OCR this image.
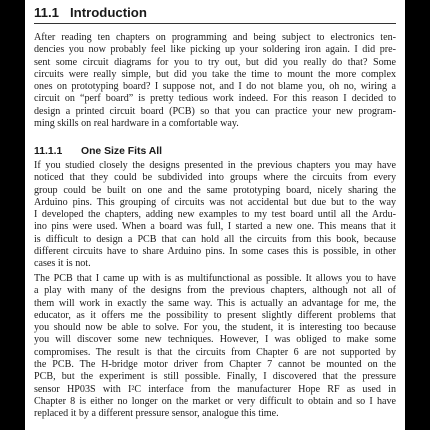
11.1 Introduction
After reading ten chapters on programming and being subject to electronics ten-
dencies you now probably feel like picking up your soldering iron again. I did pre-
sent some circuit diagrams for you to try out, but did you really do that? Some
circuits were really simple, but did you take the time to mount the more complex
ones on prototyping board? I suppose not, and I do not blame you, oh no, wiring a
circuit on “perf board” is pretty tedious work indeed. For this reason I decided to
design a printed circuit board (PCB) so that you can practice your new program-
ming skills on real hardware in a comfortable way.
11.1.1 One Size Fits All
If you studied closely the designs presented in the previous chapters you may have
noticed that they could be subdivided into groups where the circuits from every
group could be built on one and the same prototyping board, nicely sharing the
Arduino pins. This grouping of circuits was not accidental but due but to the way
I developed the chapters, adding new examples to my test board until all the Ardu-
ino pins were used. When a board was full, I started a new one. This means that it
is difficult to design a PCB that can hold all the circuits from this book, because
different circuits have to share Arduino pins. In some cases this is possible, in other
cases it is not.
The PCB that I came up with is as multifunctional as possible. It allows you to have
a play with many of the designs from the previous chapters, although not all of
them will work in exactly the same way. This is actually an advantage for me, the
educator, as it offers me the possibility to present slightly different problems that
you should now be able to solve. For you, the student, it is interesting too because
you will discover some new techniques. However, I was obliged to make some
compromises. The result is that the circuits from Chapter 6 are not supported by
the PCB. The H-bridge motor driver from Chapter 7 cannot be mounted on the
PCB, but the experiment is still possible. Finally, I discovered that the pressure
sensor HP03S with I²C interface from the manufacturer Hope RF as used in
Chapter 8 is either no longer on the market or very difficult to obtain and so I have
replaced it by a different pressure sensor, analogue this time.
